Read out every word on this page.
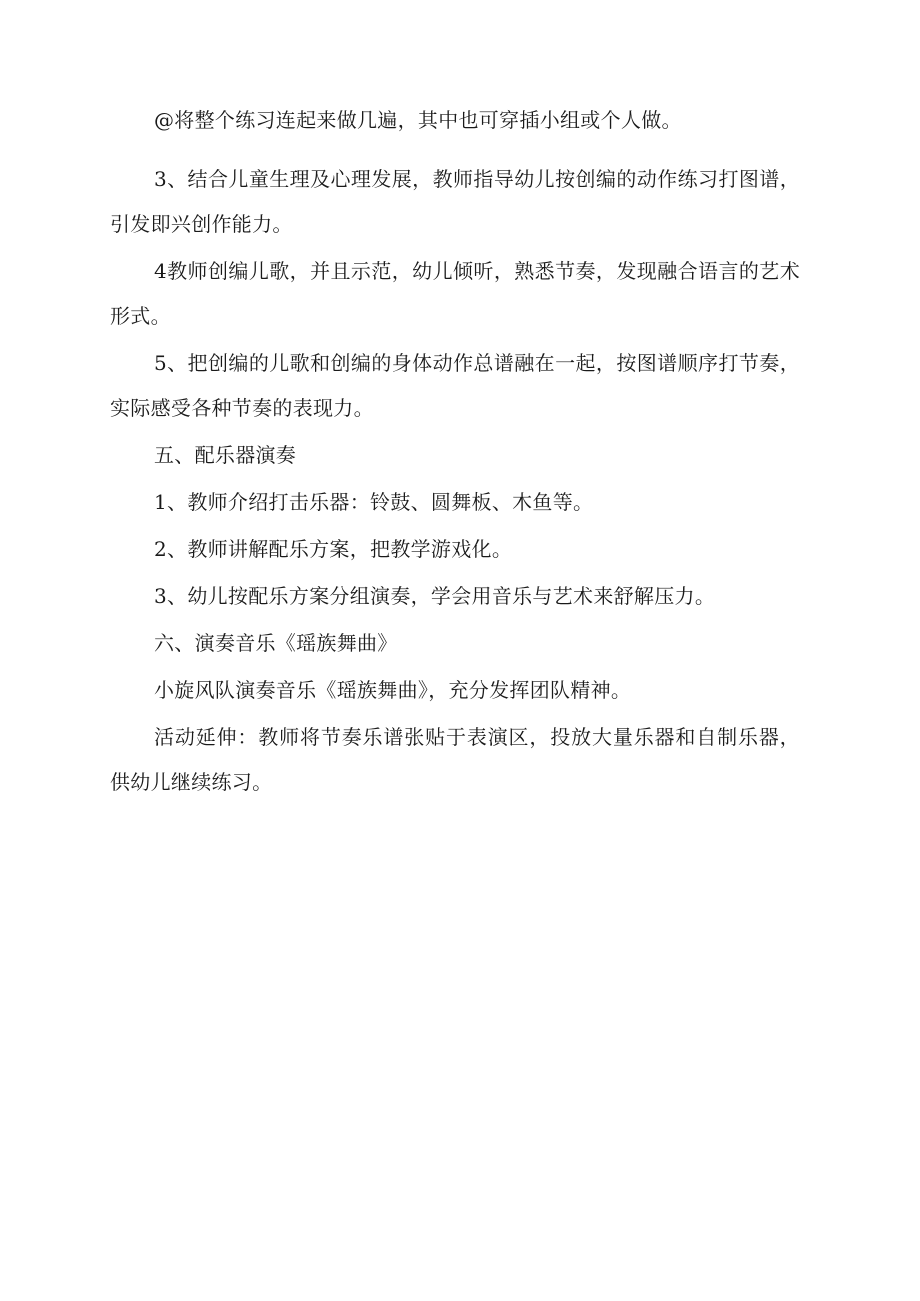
@将整个练习连起来做几遍，其中也可穿插小组或个人做。

3、结合儿童生理及心理发展，教师指导幼儿按创编的动作练习打图谱，引发即兴创作能力。

4教师创编儿歌，并且示范，幼儿倾听，熟悉节奏，发现融合语言的艺术形式。

5、把创编的儿歌和创编的身体动作总谱融在一起，按图谱顺序打节奏，实际感受各种节奏的表现力。

五、配乐器演奏

1、教师介绍打击乐器：铃鼓、圆舞板、木鱼等。

2、教师讲解配乐方案，把教学游戏化。

3、幼儿按配乐方案分组演奏，学会用音乐与艺术来舒解压力。

六、演奏音乐《瑶族舞曲》

小旋风队演奏音乐《瑶族舞曲》，充分发挥团队精神。

活动延伸：教师将节奏乐谱张贴于表演区，投放大量乐器和自制乐器，供幼儿继续练习。
